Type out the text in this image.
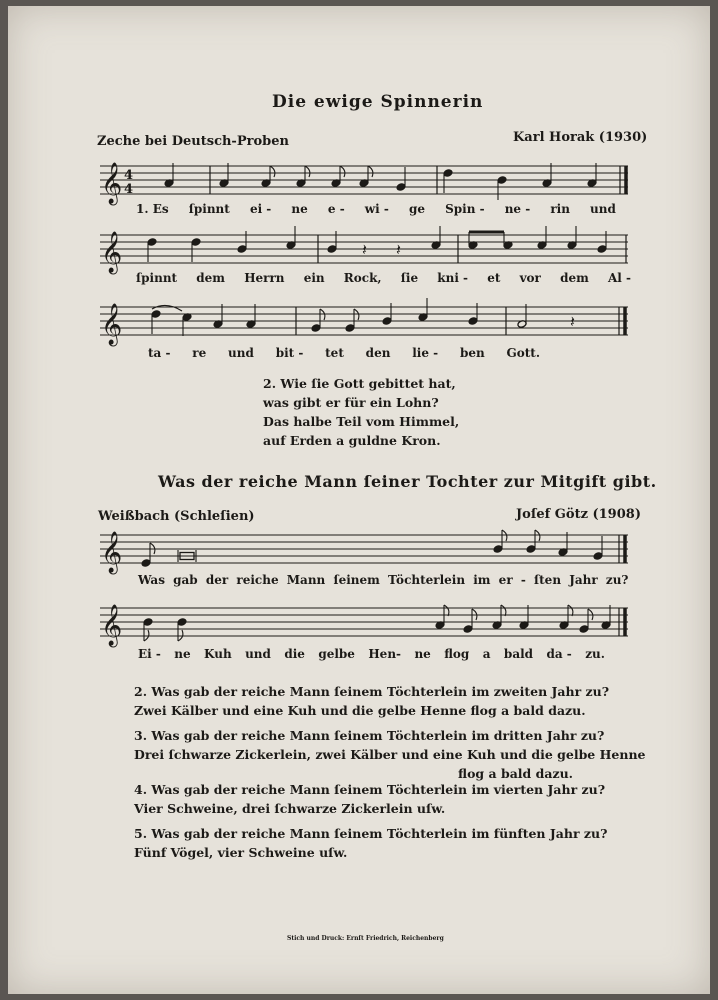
Die ewige Spinnerin
Zeche bei Deutsch-Proben	Karl Horak (1930)
𝄞 4
4
1. Es ſpinnt ei - ne e - wi - ge Spin - ne - rin und
𝄞	𝄽 𝄽
ſpinnt dem Herrn ein Rock, ſie kni - et vor dem Al -
𝄞	𝄽
ta - re und bit - tet den lie - ben Gott.
2. Wie ſie Gott gebittet hat,
was gibt er für ein Lohn?
Das halbe Teil vom Himmel,
auf Erden a guldne Kron.
Was der reiche Mann ſeiner Tochter zur Mitgift gibt.
Weißbach (Schleſien)	Joſef Götz (1908)
𝄞
Was gab der reiche Mann ſeinem Töchterlein im er - ſten Jahr zu?
𝄞
Ei - ne Kuh und die gelbe Hen- ne flog a bald da - zu.
2. Was gab der reiche Mann ſeinem Töchterlein im zweiten Jahr zu?
Zwei Kälber und eine Kuh und die gelbe Henne flog a bald dazu.
3. Was gab der reiche Mann ſeinem Töchterlein im dritten Jahr zu?
Drei ſchwarze Zickerlein, zwei Kälber und eine Kuh und die gelbe Henne
flog a bald dazu.
4. Was gab der reiche Mann ſeinem Töchterlein im vierten Jahr zu?
Vier Schweine, drei ſchwarze Zickerlein uſw.
5. Was gab der reiche Mann ſeinem Töchterlein im fünften Jahr zu?
Fünf Vögel, vier Schweine uſw.
Stich und Druck: Ernſt Friedrich, Reichenberg
